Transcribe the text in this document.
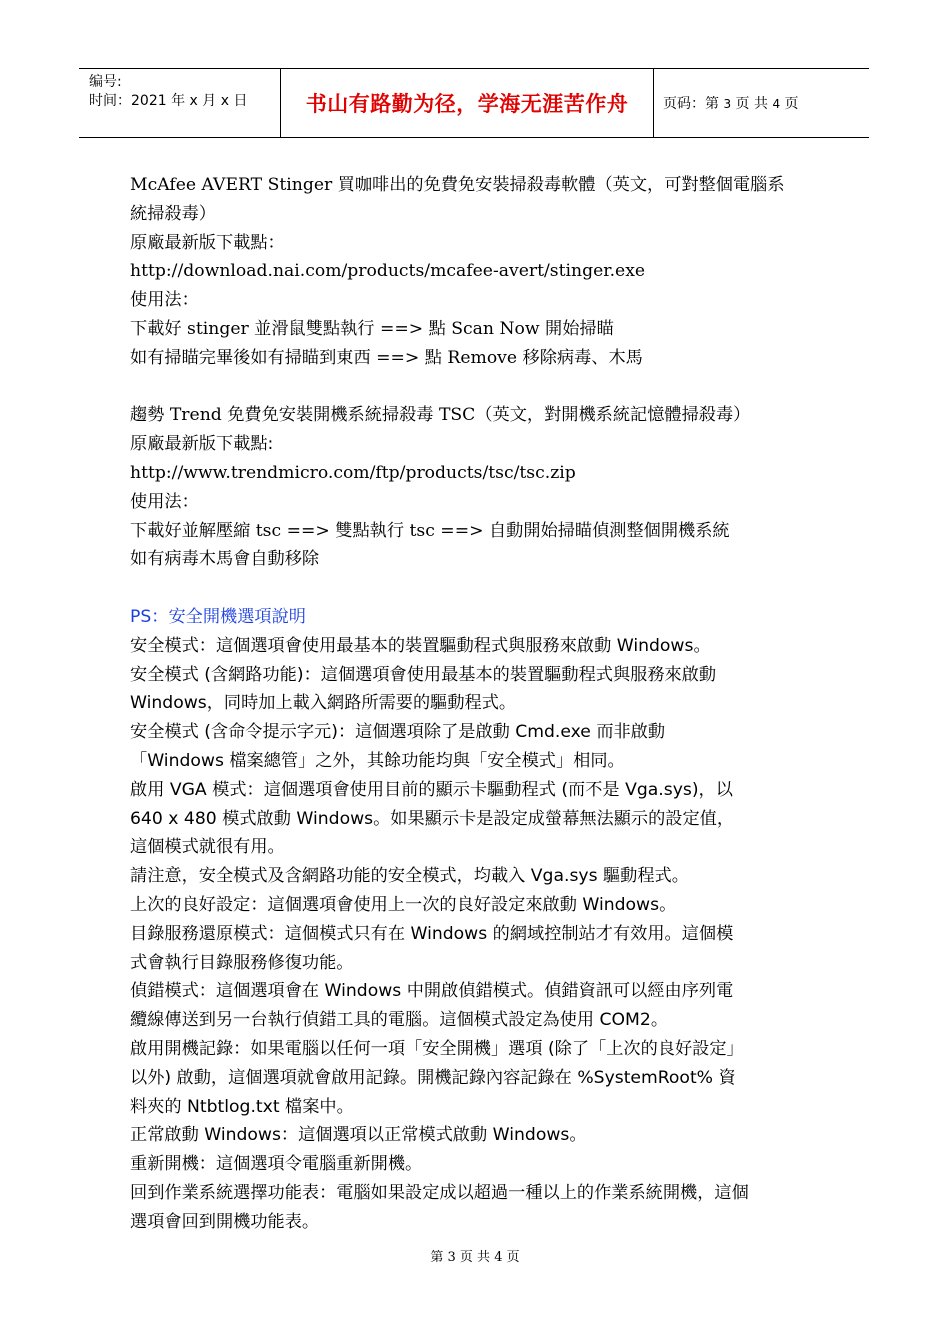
编号:
时间：2021 年 x 月 x 日	书山有路勤为径，学海无涯苦作舟 页码：第 3 页 共 4 页
McAfee AVERT Stinger 買咖啡出的免費免安裝掃殺毒軟體（英文，可對整個電腦系
統掃殺毒）
原廠最新版下載點：
http://download.nai.com/products/mcafee-avert/stinger.exe
使用法：
下載好 stinger 並滑鼠雙點執行 ==> 點 Scan Now 開始掃瞄
如有掃瞄完畢後如有掃瞄到東西 ==> 點 Remove 移除病毒、木馬
趨勢 Trend 免費免安裝開機系統掃殺毒 TSC（英文，對開機系統記憶體掃殺毒）
原廠最新版下載點:
http://www.trendmicro.com/ftp/products/tsc/tsc.zip
使用法：
下載好並解壓縮 tsc ==> 雙點執行 tsc ==> 自動開始掃瞄偵測整個開機系統
如有病毒木馬會自動移除
PS：安全開機選項說明
安全模式：這個選項會使用最基本的裝置驅動程式與服務來啟動 Windows。
安全模式 (含網路功能)：這個選項會使用最基本的裝置驅動程式與服務來啟動
Windows，同時加上載入網路所需要的驅動程式。
安全模式 (含命令提示字元)：這個選項除了是啟動 Cmd.exe 而非啟動
「Windows 檔案總管」之外，其餘功能均與「安全模式」相同。
啟用 VGA 模式：這個選項會使用目前的顯示卡驅動程式 (而不是 Vga.sys)，以
640 x 480 模式啟動 Windows。如果顯示卡是設定成螢幕無法顯示的設定值，
這個模式就很有用。
請注意，安全模式及含網路功能的安全模式，均載入 Vga.sys 驅動程式。
上次的良好設定：這個選項會使用上一次的良好設定來啟動 Windows。
目錄服務還原模式：這個模式只有在 Windows 的網域控制站才有效用。這個模
式會執行目錄服務修復功能。
偵錯模式：這個選項會在 Windows 中開啟偵錯模式。偵錯資訊可以經由序列電
纜線傳送到另一台執行偵錯工具的電腦。這個模式設定為使用 COM2。
啟用開機記錄：如果電腦以任何一項「安全開機」選項 (除了「上次的良好設定」
以外) 啟動，這個選項就會啟用記錄。開機記錄內容記錄在 %SystemRoot% 資
料夾的 Ntbtlog.txt 檔案中。
正常啟動 Windows：這個選項以正常模式啟動 Windows。
重新開機：這個選項令電腦重新開機。
回到作業系統選擇功能表：電腦如果設定成以超過一種以上的作業系統開機，這個
選項會回到開機功能表。
第 3 页 共 4 页
